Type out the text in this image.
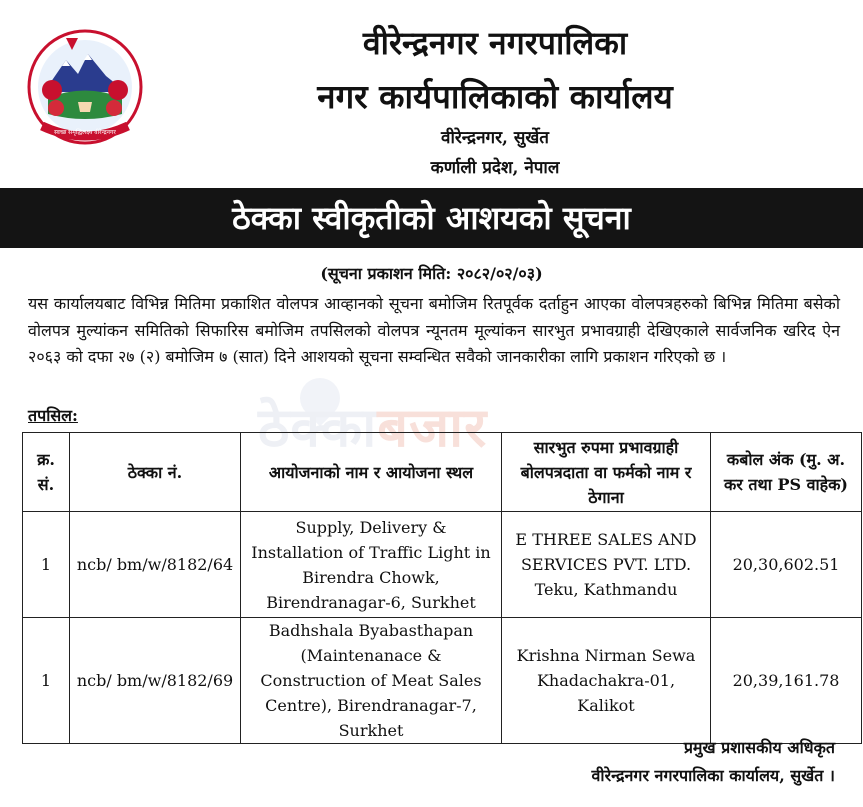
स्वच्छ समृद्धिलक्ष्य वीरेन्द्रनगर
वीरेन्द्रनगर नगरपालिका
नगर कार्यपालिकाको कार्यालय
वीरेन्द्रनगर, सुर्खेत
कर्णाली प्रदेश, नेपाल
ठेक्का स्वीकृतीको आशयको सूचना
(सूचना प्रकाशन मिति: २०८२/०२/०३)
ठेक्काबजार
यस कार्यालयबाट विभिन्न मितिमा प्रकाशित वोलपत्र आव्हानको सूचना बमोजिम रितपूर्वक दर्ताहुन आएका वोलपत्रहरुको बिभिन्न मितिमा बसेको वोलपत्र मुल्यांकन समितिको सिफारिस बमोजिम तपसिलको वोलपत्र न्यूनतम मूल्यांकन सारभुत प्रभावग्राही देखिएकाले सार्वजनिक खरिद ऐन २०६३ को दफा २७ (२) बमोजिम ७ (सात) दिने आशयको सूचना सम्वन्धित सवैको जानकारीका लागि प्रकाशन गरिएको छ ।
तपसिल:
क्र. सं.	ठेक्का नं.	आयोजनाको नाम र आयोजना स्थल	सारभुत रुपमा प्रभावग्राही बोलपत्रदाता वा फर्मको नाम र ठेगाना	कबोल अंक (मु. अ. कर तथा PS वाहेक)
1	ncb/ bm/w/8182/64	Supply, Delivery & Installation of Traffic Light in Birendra Chowk, Birendranagar-6, Surkhet	E THREE SALES AND SERVICES PVT. LTD. Teku, Kathmandu	20,30,602.51
1	ncb/ bm/w/8182/69	Badhshala Byabasthapan (Maintenanace & Construction of Meat Sales Centre), Birendranagar-7, Surkhet	Krishna Nirman Sewa Khadachakra-01, Kalikot	20,39,161.78
प्रमुख प्रशासकीय अधिकृत
वीरेन्द्रनगर नगरपालिका कार्यालय, सुर्खेत ।
